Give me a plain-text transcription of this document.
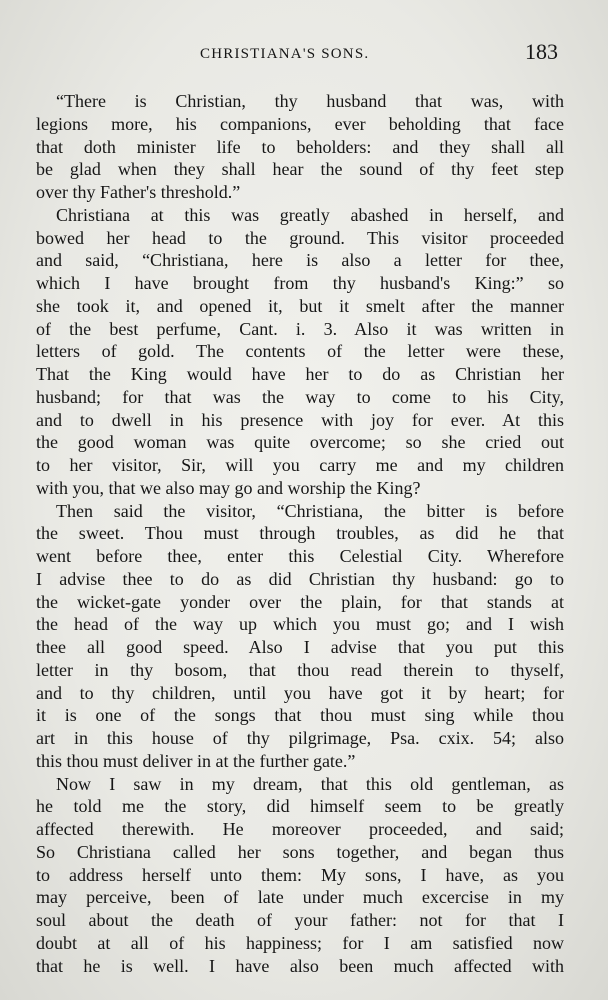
CHRISTIANA'S SONS.	183
“There is Christian, thy husband that was, with
legions more, his companions, ever beholding that face
that doth minister life to beholders: and they shall all
be glad when they shall hear the sound of thy feet step
over thy Father's threshold.”
Christiana at this was greatly abashed in herself, and
bowed her head to the ground. This visitor proceeded
and said, “Christiana, here is also a letter for thee,
which I have brought from thy husband's King:” so
she took it, and opened it, but it smelt after the manner
of the best perfume, Cant. i. 3. Also it was written in
letters of gold. The contents of the letter were these,
That the King would have her to do as Christian her
husband; for that was the way to come to his City,
and to dwell in his presence with joy for ever. At this
the good woman was quite overcome; so she cried out
to her visitor, Sir, will you carry me and my children
with you, that we also may go and worship the King?
Then said the visitor, “Christiana, the bitter is before
the sweet. Thou must through troubles, as did he that
went before thee, enter this Celestial City. Wherefore
I advise thee to do as did Christian thy husband: go to
the wicket-gate yonder over the plain, for that stands at
the head of the way up which you must go; and I wish
thee all good speed. Also I advise that you put this
letter in thy bosom, that thou read therein to thyself,
and to thy children, until you have got it by heart; for
it is one of the songs that thou must sing while thou
art in this house of thy pilgrimage, Psa. cxix. 54; also
this thou must deliver in at the further gate.”
Now I saw in my dream, that this old gentleman, as
he told me the story, did himself seem to be greatly
affected therewith. He moreover proceeded, and said;
So Christiana called her sons together, and began thus
to address herself unto them: My sons, I have, as you
may perceive, been of late under much excercise in my
soul about the death of your father: not for that I
doubt at all of his happiness; for I am satisfied now
that he is well. I have also been much affected with
